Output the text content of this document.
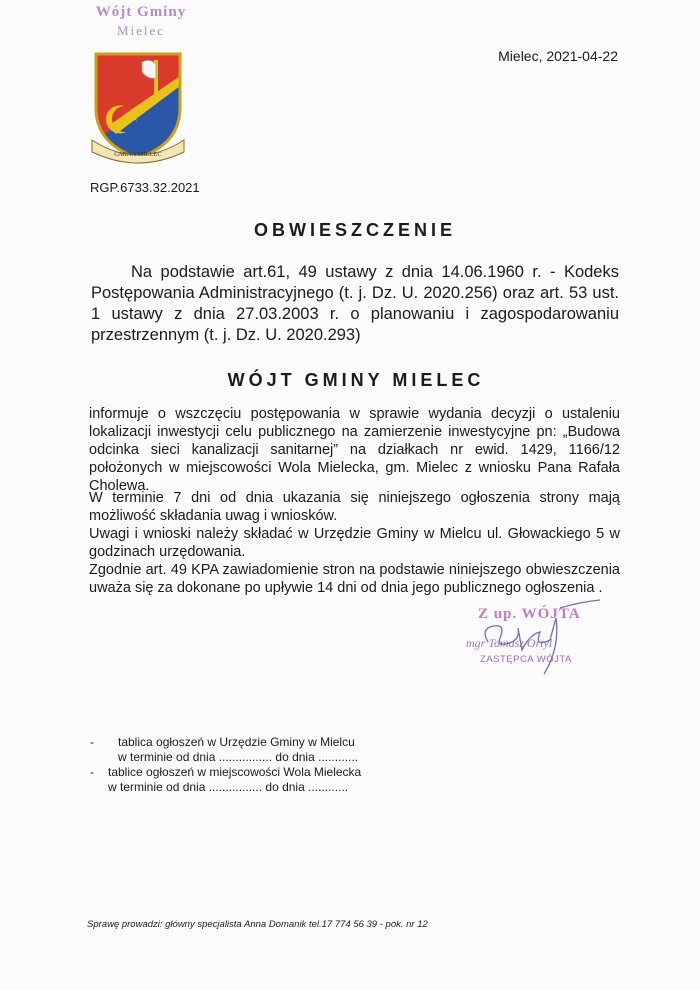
Wójt Gminy
Mielec
GMINA MIELEC
Mielec, 2021-04-22
RGP.6733.32.2021
OBWIESZCZENIE
Na podstawie art.61, 49 ustawy z dnia 14.06.1960 r. - Kodeks Postępowania Administracyjnego (t. j. Dz. U. 2020.256) oraz art. 53 ust. 1 ustawy z dnia 27.03.2003 r. o planowaniu i zagospodarowaniu przestrzennym (t. j. Dz. U. 2020.293)
WÓJT GMINY MIELEC
informuje o wszczęciu postępowania w sprawie wydania decyzji o ustaleniu lokalizacji inwestycji celu publicznego na zamierzenie inwestycyjne pn: „Budowa odcinka sieci kanalizacji sanitarnej” na działkach nr ewid. 1429, 1166/12 położonych w miejscowości Wola Mielecka, gm. Mielec z wniosku Pana Rafała Cholewa.
W terminie 7 dni od dnia ukazania się niniejszego ogłoszenia strony mają możliwość składania uwag i wniosków.
Uwagi i wnioski należy składać w Urzędzie Gminy w Mielcu ul. Głowackiego 5 w godzinach urzędowania.
Zgodnie art. 49 KPA zawiadomienie stron na podstawie niniejszego obwieszczenia uważa się za dokonane po upływie 14 dni od dnia jego publicznego ogłoszenia .
Z up. WÓJTA
mgr Tomasz Ortyl
ZASTĘPCA WÓJTA
-	tablica ogłoszeń w Urzędzie Gminy w Mielcu
w terminie od dnia ................ do dnia ............
-	tablice ogłoszeń w miejscowości Wola Mielecka
w terminie od dnia ................ do dnia ............
Sprawę prowadzi: główny specjalista Anna Domanik tel.17 774 56 39 - pok. nr 12
